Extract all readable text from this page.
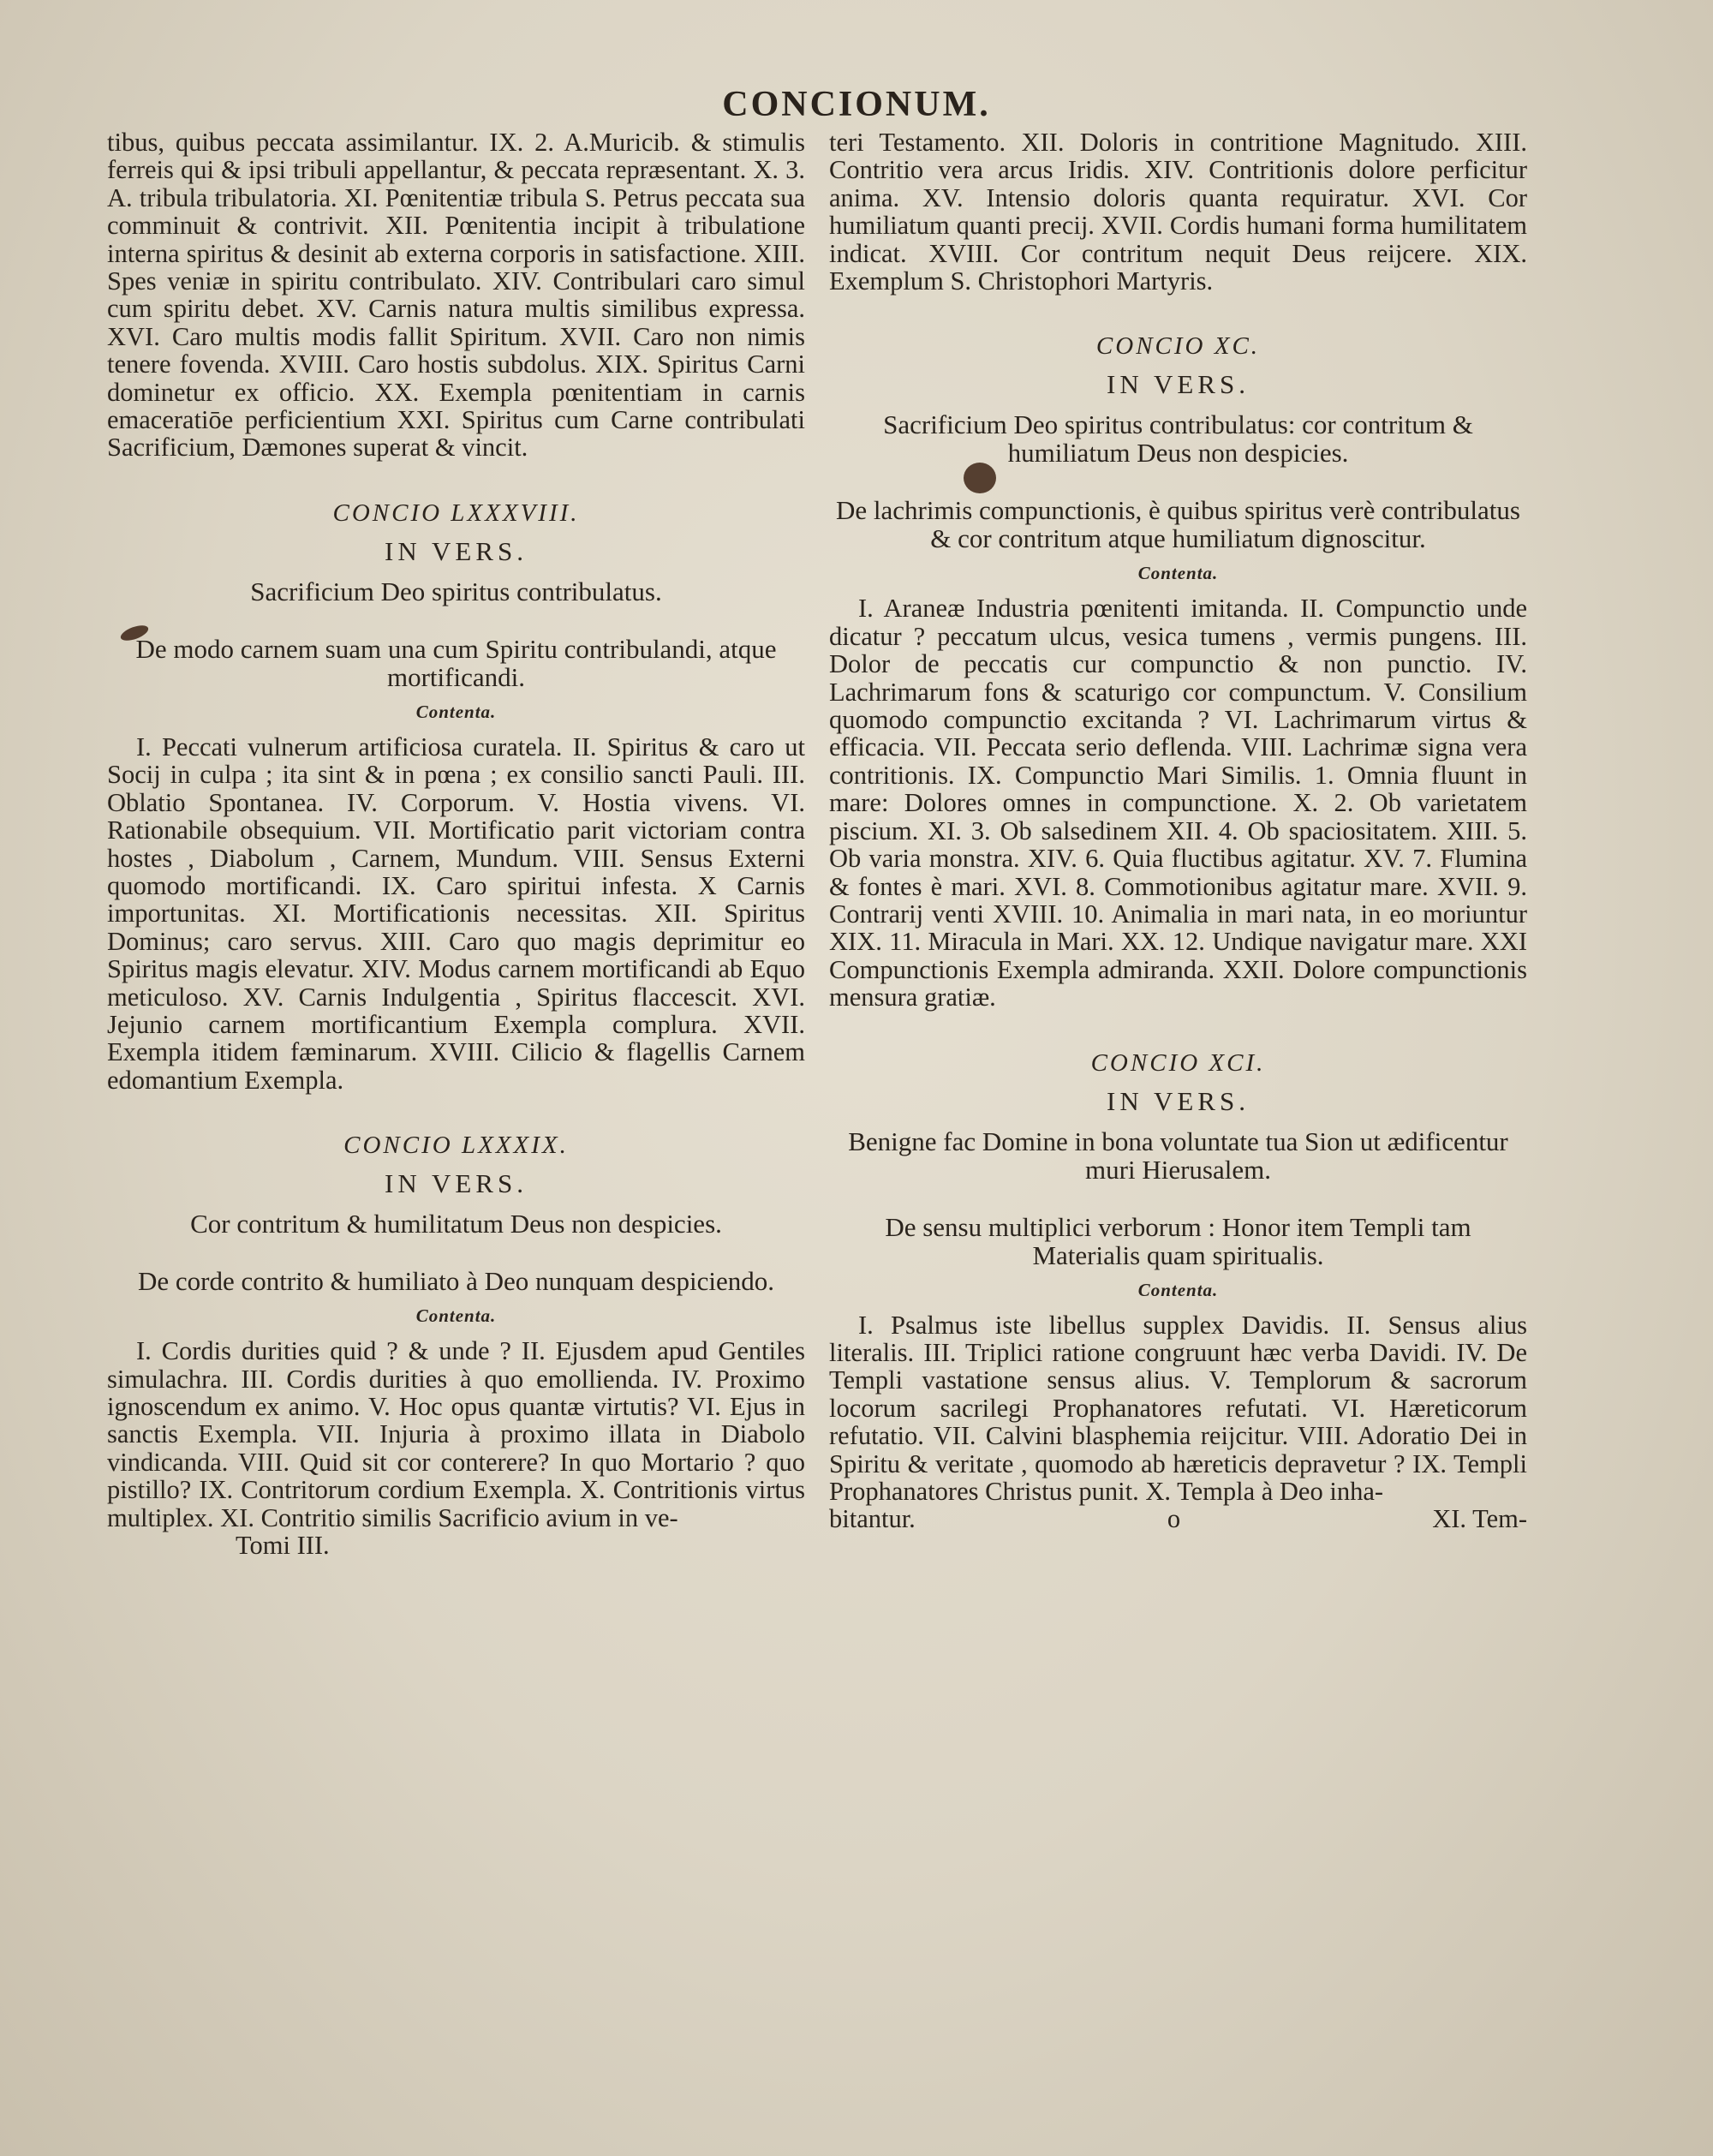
CONCIONUM.

tibus, quibus peccata assimilantur. IX. 2. A.Muricib. & stimulis ferreis qui & ipsi tribuli appellantur, & peccata repræsentant. X. 3. A. tribula tribulatoria. XI. Pœnitentiæ tribula S. Petrus peccata sua comminuit & contrivit. XII. Pœnitentia incipit à tribulatione interna spiritus & desinit ab externa corporis in satisfactione. XIII. Spes veniæ in spiritu contribulato. XIV. Contribulari caro simul cum spiritu debet. XV. Carnis natura multis similibus expressa. XVI. Caro multis modis fallit Spiritum. XVII. Caro non nimis tenere fovenda. XVIII. Caro hostis subdolus. XIX. Spiritus Carni dominetur ex officio. XX. Exempla pœnitentiam in carnis emaceratiōe perficientium XXI. Spiritus cum Carne contribulati Sacrificium, Dæmones superat & vincit.

CONCIO LXXXVIII.
IN VERS.
Sacrificium Deo spiritus contribulatus.
De modo carnem suam una cum Spiritu contribulandi, atque mortificandi.
Contenta.

I. Peccati vulnerum artificiosa curatela. II. Spiritus & caro ut Socij in culpa ; ita sint & in pœna ; ex consilio sancti Pauli. III. Oblatio Spontanea. IV. Corporum. V. Hostia vivens. VI. Rationabile obsequium. VII. Mortificatio parit victoriam contra hostes , Diabolum , Carnem, Mundum. VIII. Sensus Externi quomodo mortificandi. IX. Caro spiritui infesta. X Carnis importunitas. XI. Mortificationis necessitas. XII. Spiritus Dominus; caro servus. XIII. Caro quo magis deprimitur eo Spiritus magis elevatur. XIV. Modus carnem mortificandi ab Equo meticuloso. XV. Carnis Indulgentia , Spiritus flaccescit. XVI. Jejunio carnem mortificantium Exempla complura. XVII. Exempla itidem fæminarum. XVIII. Cilicio & flagellis Carnem edomantium Exempla.

CONCIO LXXXIX.
IN VERS.
Cor contritum & humilitatum Deus non despicies.
De corde contrito & humiliato à Deo nunquam despiciendo.
Contenta.

I. Cordis durities quid ? & unde ? II. Ejusdem apud Gentiles simulachra. III. Cordis durities à quo emollienda. IV. Proximo ignoscendum ex animo. V. Hoc opus quantæ virtutis? VI. Ejus in sanctis Exempla. VII. Injuria à proximo illata in Diabolo vindicanda. VIII. Quid sit cor conterere? In quo Mortario ? quo pistillo? IX. Contritorum cordium Exempla. X. Contritionis virtus multiplex. XI. Contritio similis Sacrificio avium in ve-

Tomi III.

teri Testamento. XII. Doloris in contritione Magnitudo. XIII. Contritio vera arcus Iridis. XIV. Contritionis dolore perficitur anima. XV. Intensio doloris quanta requiratur. XVI. Cor humiliatum quanti precij. XVII. Cordis humani forma humilitatem indicat. XVIII. Cor contritum nequit Deus reijcere. XIX. Exemplum S. Christophori Martyris.

CONCIO XC.
IN VERS.
Sacrificium Deo spiritus contribulatus: cor contritum & humiliatum Deus non despicies.
De lachrimis compunctionis, è quibus spiritus verè contribulatus & cor contritum atque humiliatum dignoscitur.
Contenta.

I. Araneæ Industria pœnitenti imitanda. II. Compunctio unde dicatur ? peccatum ulcus, vesica tumens , vermis pungens. III. Dolor de peccatis cur compunctio & non punctio. IV. Lachrimarum fons & scaturigo cor compunctum. V. Consilium quomodo compunctio excitanda ? VI. Lachrimarum virtus & efficacia. VII. Peccata serio deflenda. VIII. Lachrimæ signa vera contritionis. IX. Compunctio Mari Similis. 1. Omnia fluunt in mare: Dolores omnes in compunctione. X. 2. Ob varietatem piscium. XI. 3. Ob salsedinem XII. 4. Ob spaciositatem. XIII. 5. Ob varia monstra. XIV. 6. Quia fluctibus agitatur. XV. 7. Flumina & fontes è mari. XVI. 8. Commotionibus agitatur mare. XVII. 9. Contrarij venti XVIII. 10. Animalia in mari nata, in eo moriuntur XIX. 11. Miracula in Mari. XX. 12. Undique navigatur mare. XXI Compunctionis Exempla admiranda. XXII. Dolore compunctionis mensura gratiæ.

CONCIO XCI.
IN VERS.
Benigne fac Domine in bona voluntate tua Sion ut ædificentur muri Hierusalem.
De sensu multiplici verborum : Honor item Templi tam Materialis quam spiritualis.
Contenta.

I. Psalmus iste libellus supplex Davidis. II. Sensus alius literalis. III. Triplici ratione congruunt hæc verba Davidi. IV. De Templi vastatione sensus alius. V. Templorum & sacrorum locorum sacrilegi Prophanatores refutati. VI. Hæreticorum refutatio. VII. Calvini blasphemia reijcitur. VIII. Adoratio Dei in Spiritu & veritate , quomodo ab hæreticis depravetur ? IX. Templi Prophanatores Christus punit. X. Templa à Deo inha-

bitantur.	o	XI. Tem-
